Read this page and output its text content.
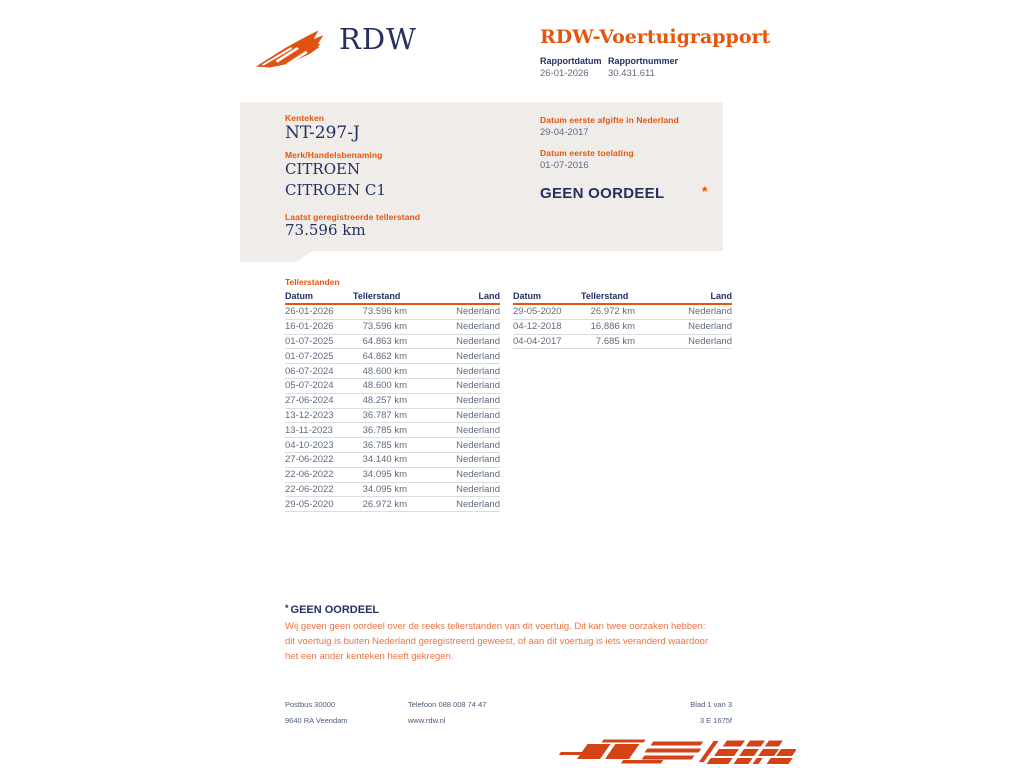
RDW	RDW-Voertuigrapport
Rapportdatum Rapportnummer
26-01-2026 30.431.611
Kenteken
NT-297-J
Merk/Handelsbenaming
CITROEN CITROEN C1
Laatst geregistreerde tellerstand
73.596 km
Datum eerste afgifte in Nederland
29-04-2017
Datum eerste toelating
01-07-2016
GEEN OORDEEL	*
Tellerstanden
Datum	Tellerstand	Land
26-01-2026	73.596 km	Nederland
16-01-2026	73.596 km	Nederland
01-07-2025	64.863 km	Nederland
01-07-2025	64.862 km	Nederland
06-07-2024	48.600 km	Nederland
05-07-2024	48.600 km	Nederland
27-06-2024	48.257 km	Nederland
13-12-2023	36.787 km	Nederland
13-11-2023	36.785 km	Nederland
04-10-2023	36.785 km	Nederland
27-06-2022	34.140 km	Nederland
22-06-2022	34.095 km	Nederland
22-06-2022	34.095 km	Nederland
29-05-2020	26.972 km	Nederland
Datum	Tellerstand	Land
29-05-2020	26.972 km	Nederland
04-12-2018	16.886 km	Nederland
04-04-2017	7.685 km	Nederland
* GEEN OORDEEL
Wij geven geen oordeel over de reeks tellerstanden van dit voertuig. Dit kan twee oorzaken hebben: dit voertuig is buiten Nederland geregistreerd geweest, of aan dit voertuig is iets veranderd waardoor het een ander kenteken heeft gekregen.
Postbus 30000
9640 RA Veendam
Telefoon 088 008 74 47
www.rdw.nl
Blad 1 van 3
3 E 1675f
